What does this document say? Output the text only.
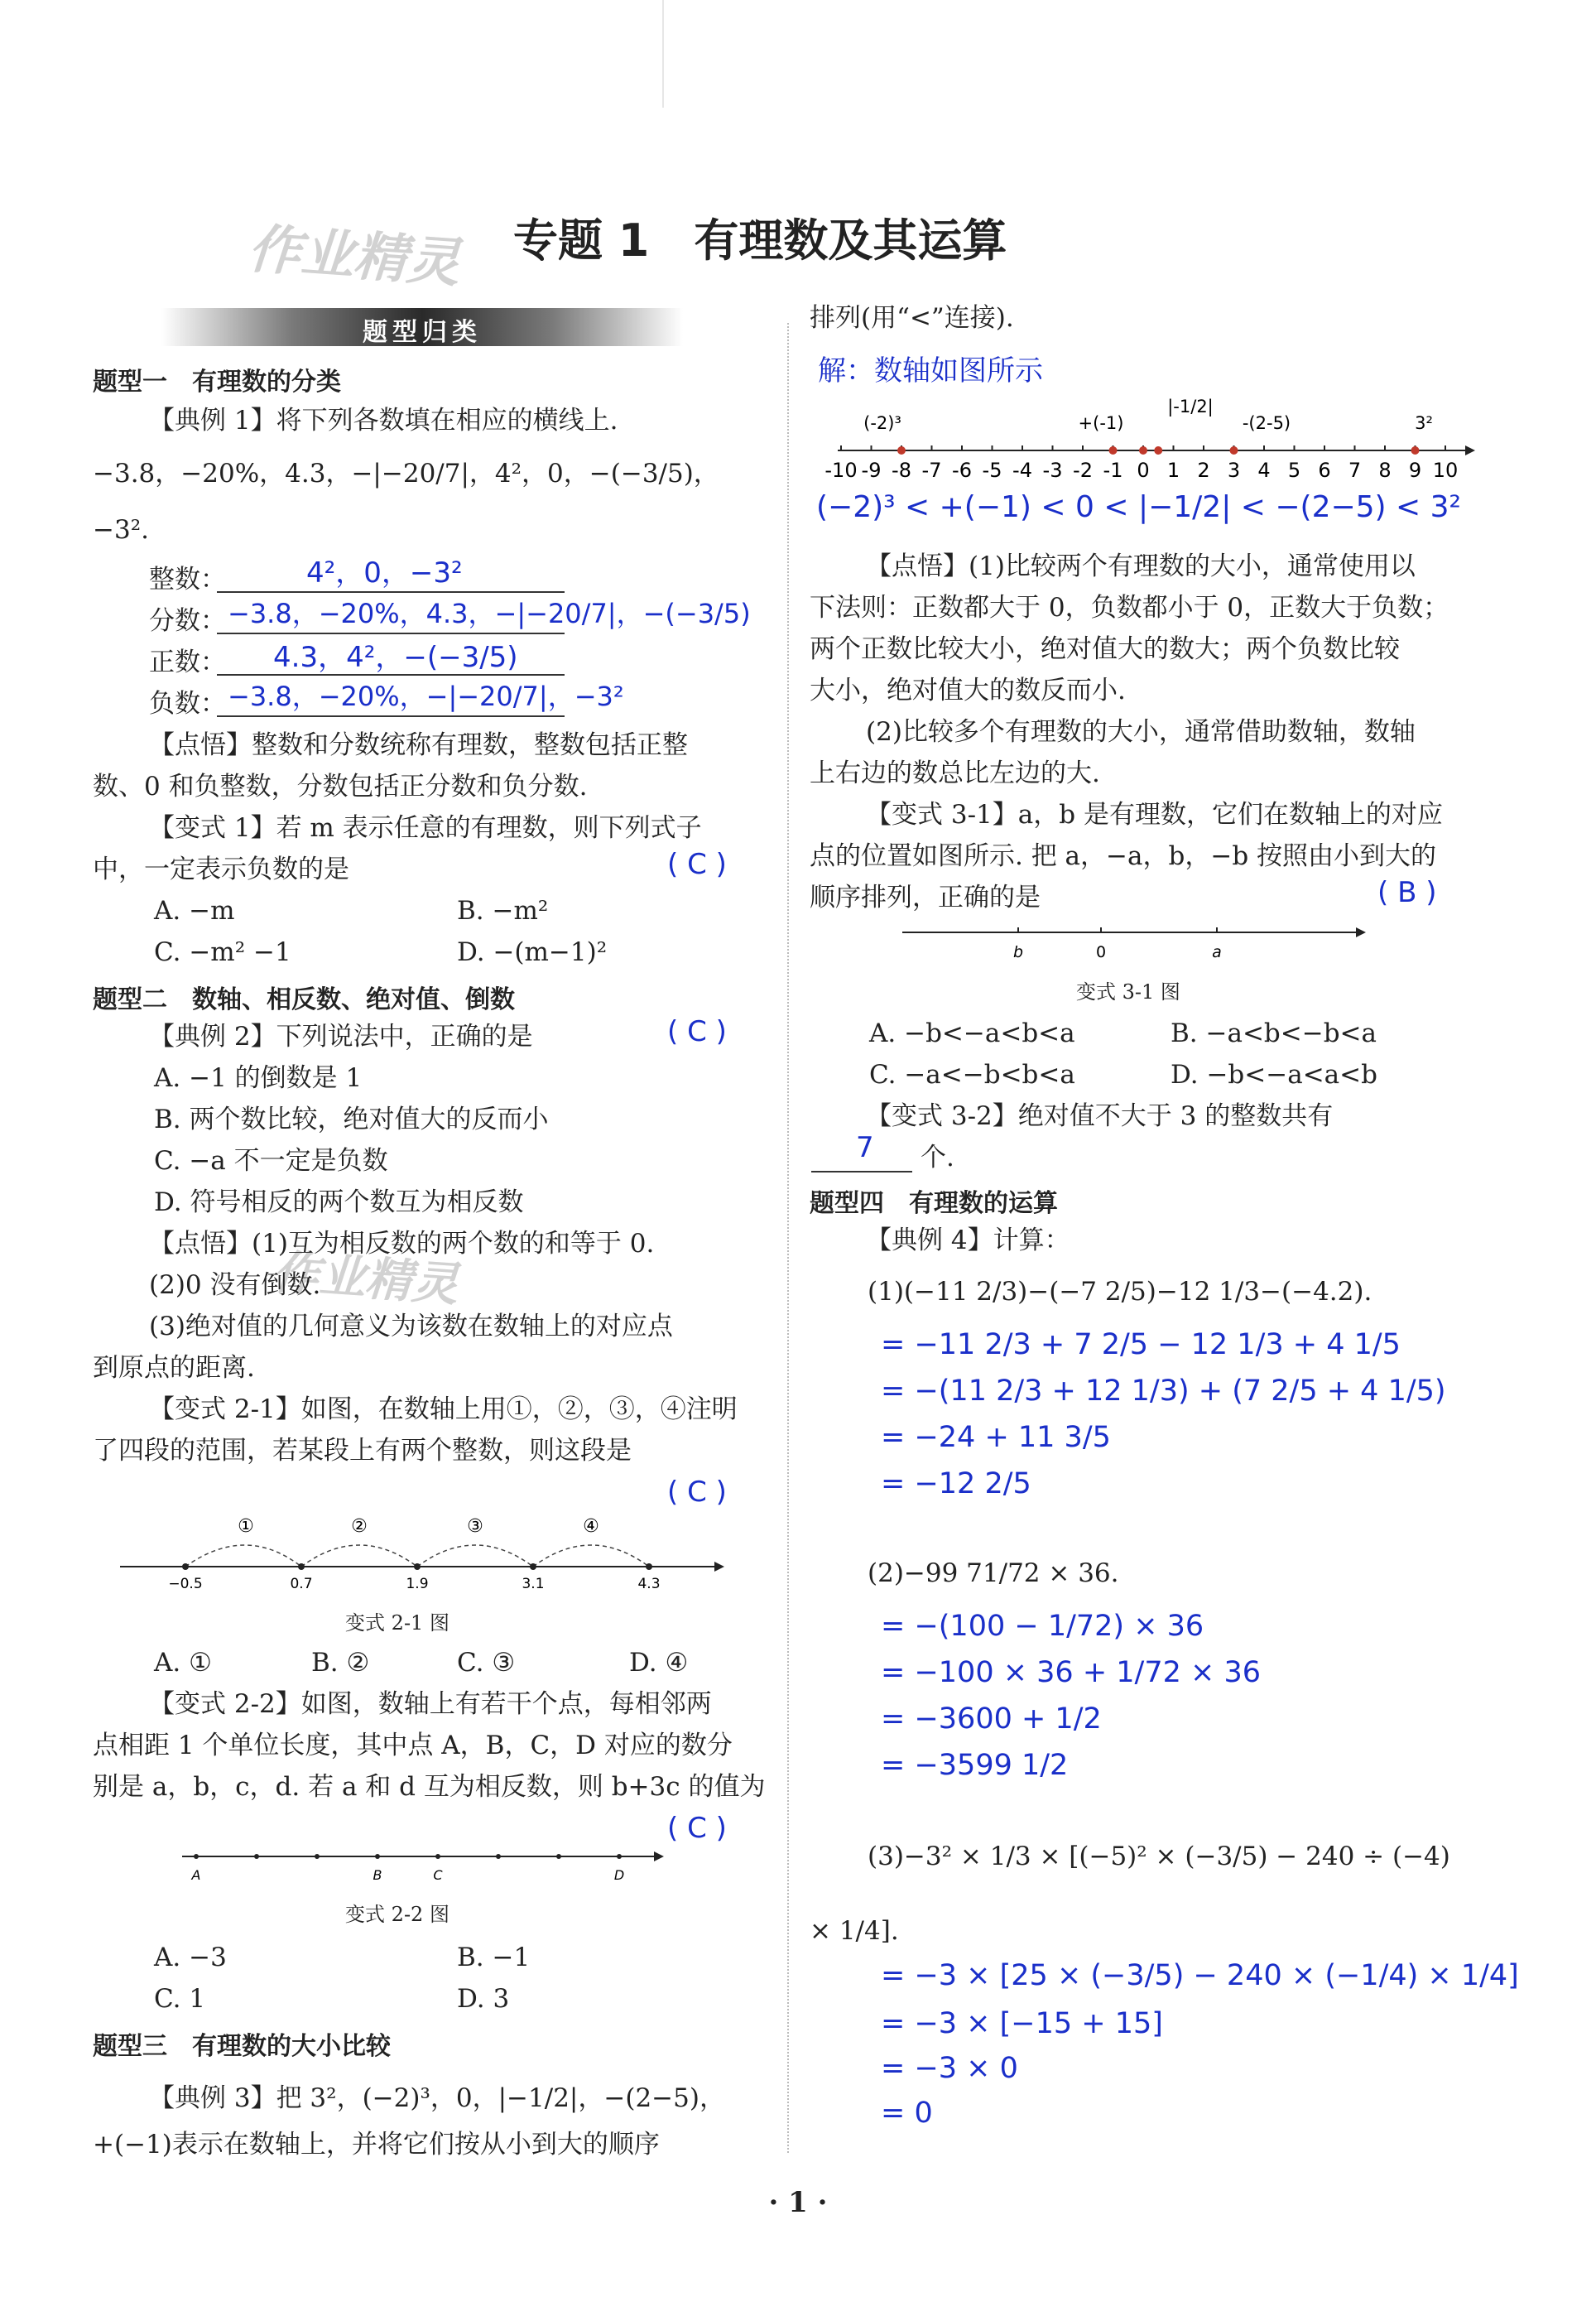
作业精灵
作业精灵
专题 1　有理数及其运算
题型归类
题型一　有理数的分类
【典例 1】将下列各数填在相应的横线上.
−3.8，−20%，4.3，−|−20/7|，4²，0，−(−3/5)，
−3².
整数：	4²，0，−3²
分数： −3.8，−20%，4.3，−|−20/7|，−(−3/5)
正数： 4.3，4²，−(−3/5)
负数： −3.8，−20%，−|−20/7|，−3²
【点悟】整数和分数统称有理数，整数包括正整
数、0 和负整数，分数包括正分数和负分数.
【变式 1】若 m 表示任意的有理数，则下列式子
中，一定表示负数的是	( C )
A. −m	B. −m²
C. −m² −1	D. −(m−1)²
题型二　数轴、相反数、绝对值、倒数
【典例 2】下列说法中，正确的是	( C )
A. −1 的倒数是 1
B. 两个数比较，绝对值大的反而小
C. −a 不一定是负数
D. 符号相反的两个数互为相反数
【点悟】(1)互为相反数的两个数的和等于 0.
(2)0 没有倒数.
(3)绝对值的几何意义为该数在数轴上的对应点
到原点的距离.
【变式 2-1】如图，在数轴上用①，②，③，④注明
了四段的范围，若某段上有两个整数，则这段是
( C )
①	②	③	④
−0.5	0.7	1.9	3.1	4.3
变式 2-1 图
A. ①	B. ②	C. ③	D. ④
【变式 2-2】如图，数轴上有若干个点，每相邻两
点相距 1 个单位长度，其中点 A，B，C，D 对应的数分
别是 a，b，c，d. 若 a 和 d 互为相反数，则 b+3c 的值为
( C )
A	B	C	D
变式 2-2 图
A. −3	B. −1
C. 1	D. 3
题型三　有理数的大小比较
【典例 3】把 3²，(−2)³，0，|−1/2|，−(2−5)，
+(−1)表示在数轴上，并将它们按从小到大的顺序
排列(用“<”连接).
解：数轴如图所示
-10 -9 -8 -7 -6 -5 -4 -3 -2 -1 0 1 2 3 4 5 6 7 8 9 10
(-2)³	+(-1)
|-1/2|
-(2-5)	3²
(−2)³ < +(−1) < 0 < |−1/2| < −(2−5) < 3²
【点悟】(1)比较两个有理数的大小，通常使用以
下法则：正数都大于 0，负数都小于 0，正数大于负数；
两个正数比较大小，绝对值大的数大；两个负数比较
大小，绝对值大的数反而小.
(2)比较多个有理数的大小，通常借助数轴，数轴
上右边的数总比左边的大.
【变式 3-1】a，b 是有理数，它们在数轴上的对应
点的位置如图所示. 把 a，−a，b，−b 按照由小到大的
顺序排列，正确的是	( B )
b	0	a
变式 3-1 图
A. −b<−a<b<a	B. −a<b<−b<a
C. −a<−b<b<a	D. −b<−a<a<b
【变式 3-2】绝对值不大于 3 的整数共有
7 个.
题型四　有理数的运算
【典例 4】计算：
(1)(−11 2/3)−(−7 2/5)−12 1/3−(−4.2).
= −11 2/3 + 7 2/5 − 12 1/3 + 4 1/5
= −(11 2/3 + 12 1/3) + (7 2/5 + 4 1/5)
= −24 + 11 3/5
= −12 2/5
(2)−99 71/72 × 36.
= −(100 − 1/72) × 36
= −100 × 36 + 1/72 × 36
= −3600 + 1/2
= −3599 1/2
(3)−3² × 1/3 × [(−5)² × (−3/5) − 240 ÷ (−4)
× 1/4].
= −3 × [25 × (−3/5) − 240 × (−1/4) × 1/4]
= −3 × [−15 + 15]
= −3 × 0
= 0
· 1 ·
